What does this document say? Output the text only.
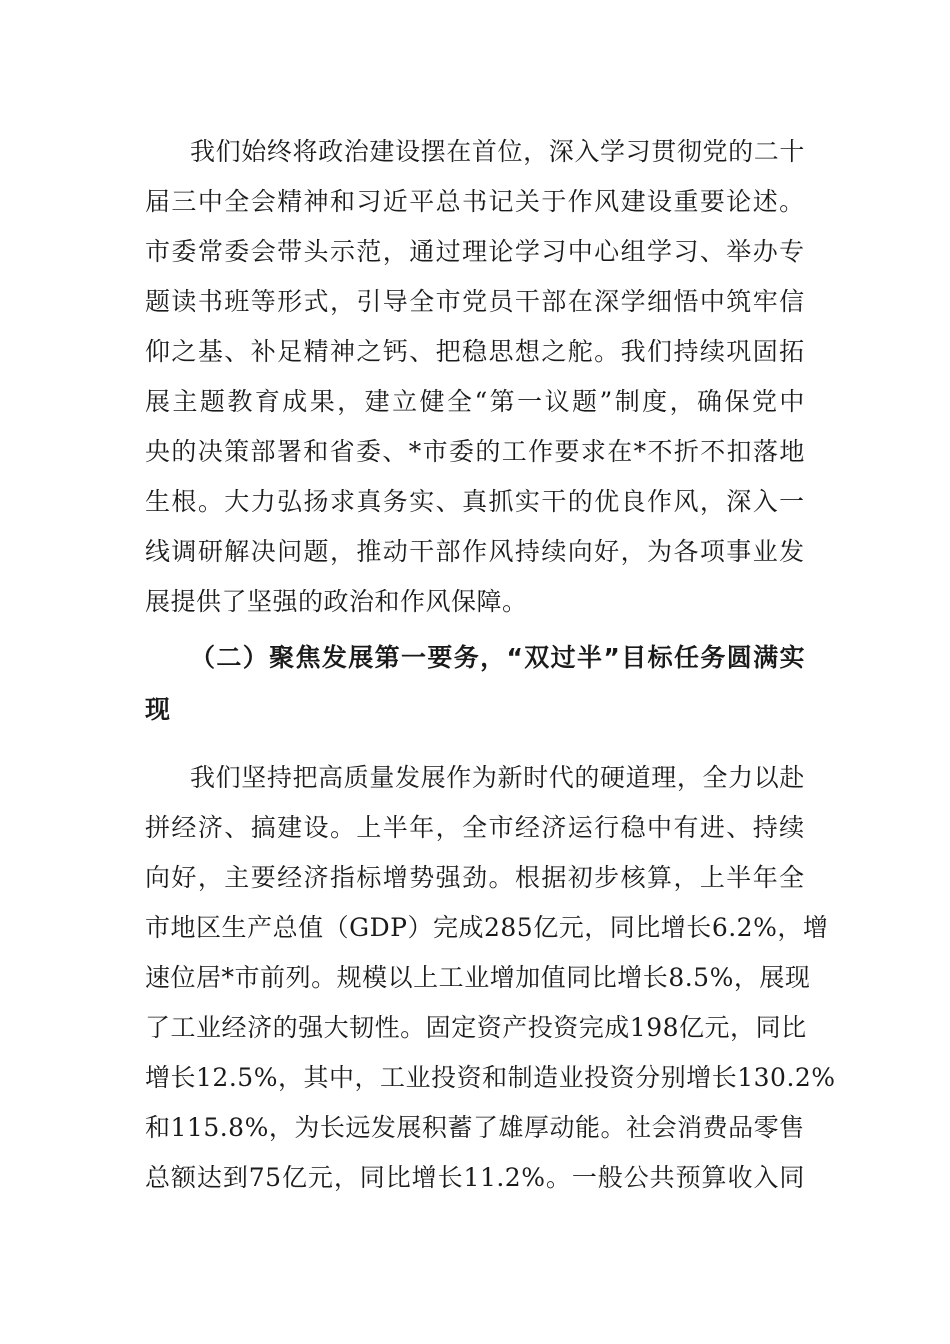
我 们 始 终 将 政 治 建 设 摆 在 首 位 ， 深 入 学 习 贯 彻 党 的 二 十
届 三 中 全 会 精 神 和 习 近 平 总 书 记 关 于 作 风 建 设 重 要 论 述 。
市 委 常 委 会 带 头 示 范 ， 通 过 理 论 学 习 中 心 组 学 习 、 举 办 专
题 读 书 班 等 形 式 ， 引 导 全 市 党 员 干 部 在 深 学 细 悟 中 筑 牢 信
仰 之 基 、 补 足 精 神 之 钙 、 把 稳 思 想 之 舵 。 我 们 持 续 巩 固 拓
展 主 题 教 育 成 果 ， 建 立 健 全 “ 第 一 议 题 ” 制 度 ， 确 保 党 中
央 的 决 策 部 署 和 省 委 、 * 市 委 的 工 作 要 求 在 * 不 折 不 扣 落 地
生 根 。 大 力 弘 扬 求 真 务 实 、 真 抓 实 干 的 优 良 作 风 ， 深 入 一
线 调 研 解 决 问 题 ， 推 动 干 部 作 风 持 续 向 好 ， 为 各 项 事 业 发
展提供了坚强的政治和作风保障。
（ 二 ） 聚 焦 发 展 第 一 要 务 ， “ 双 过 半 ” 目 标 任 务 圆 满 实
现
我 们 坚 持 把 高 质 量 发 展 作 为 新 时 代 的 硬 道 理 ， 全 力 以 赴
拼 经 济 、 搞 建 设 。 上 半 年 ， 全 市 经 济 运 行 稳 中 有 进 、 持 续
向 好 ， 主 要 经 济 指 标 增 势 强 劲 。 根 据 初 步 核 算 ， 上 半 年 全
市 地 区 生 产 总 值 （GDP） 完 成 285 亿 元 ， 同 比 增 长 6.2% ， 增
速 位 居 * 市 前 列 。 规 模 以 上 工 业 增 加 值 同 比 增 长 8.5% ， 展 现
了 工 业 经 济 的 强 大 韧 性 。 固 定 资 产 投 资 完 成 198 亿 元 ， 同 比
增 长 12.5% ， 其 中 ， 工 业 投 资 和 制 造 业 投 资 分 别 增 长 130.2%
和 115.8% ， 为 长 远 发 展 积 蓄 了 雄 厚 动 能 。 社 会 消 费 品 零 售
总 额 达 到 75 亿 元 ， 同 比 增 长 11.2% 。 一 般 公 共 预 算 收 入 同
